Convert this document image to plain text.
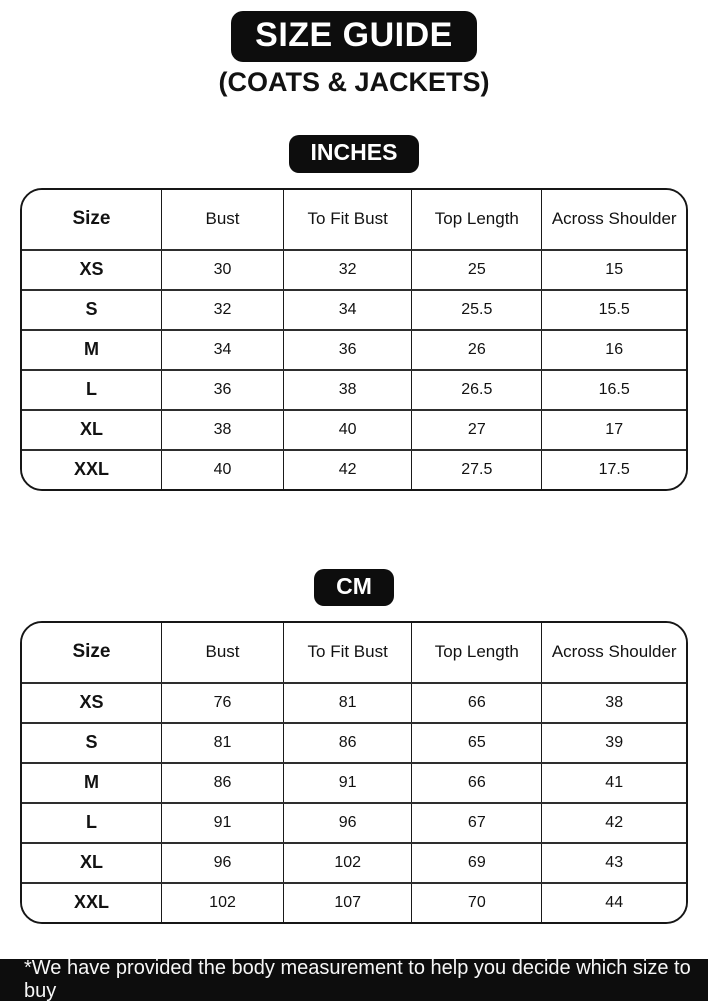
SIZE GUIDE
(COATS & JACKETS)
INCHES
Size	Bust	To Fit Bust	Top Length	Across Shoulder
XS	30	32	25	15
S	32	34	25.5	15.5
M	34	36	26	16
L	36	38	26.5	16.5
XL	38	40	27	17
XXL	40	42	27.5	17.5
CM
Size	Bust	To Fit Bust	Top Length	Across Shoulder
XS	76	81	66	38
S	81	86	65	39
M	86	91	66	41
L	91	96	67	42
XL	96	102	69	43
XXL	102	107	70	44
*We have provided the body measurement to help you decide which size to buy
